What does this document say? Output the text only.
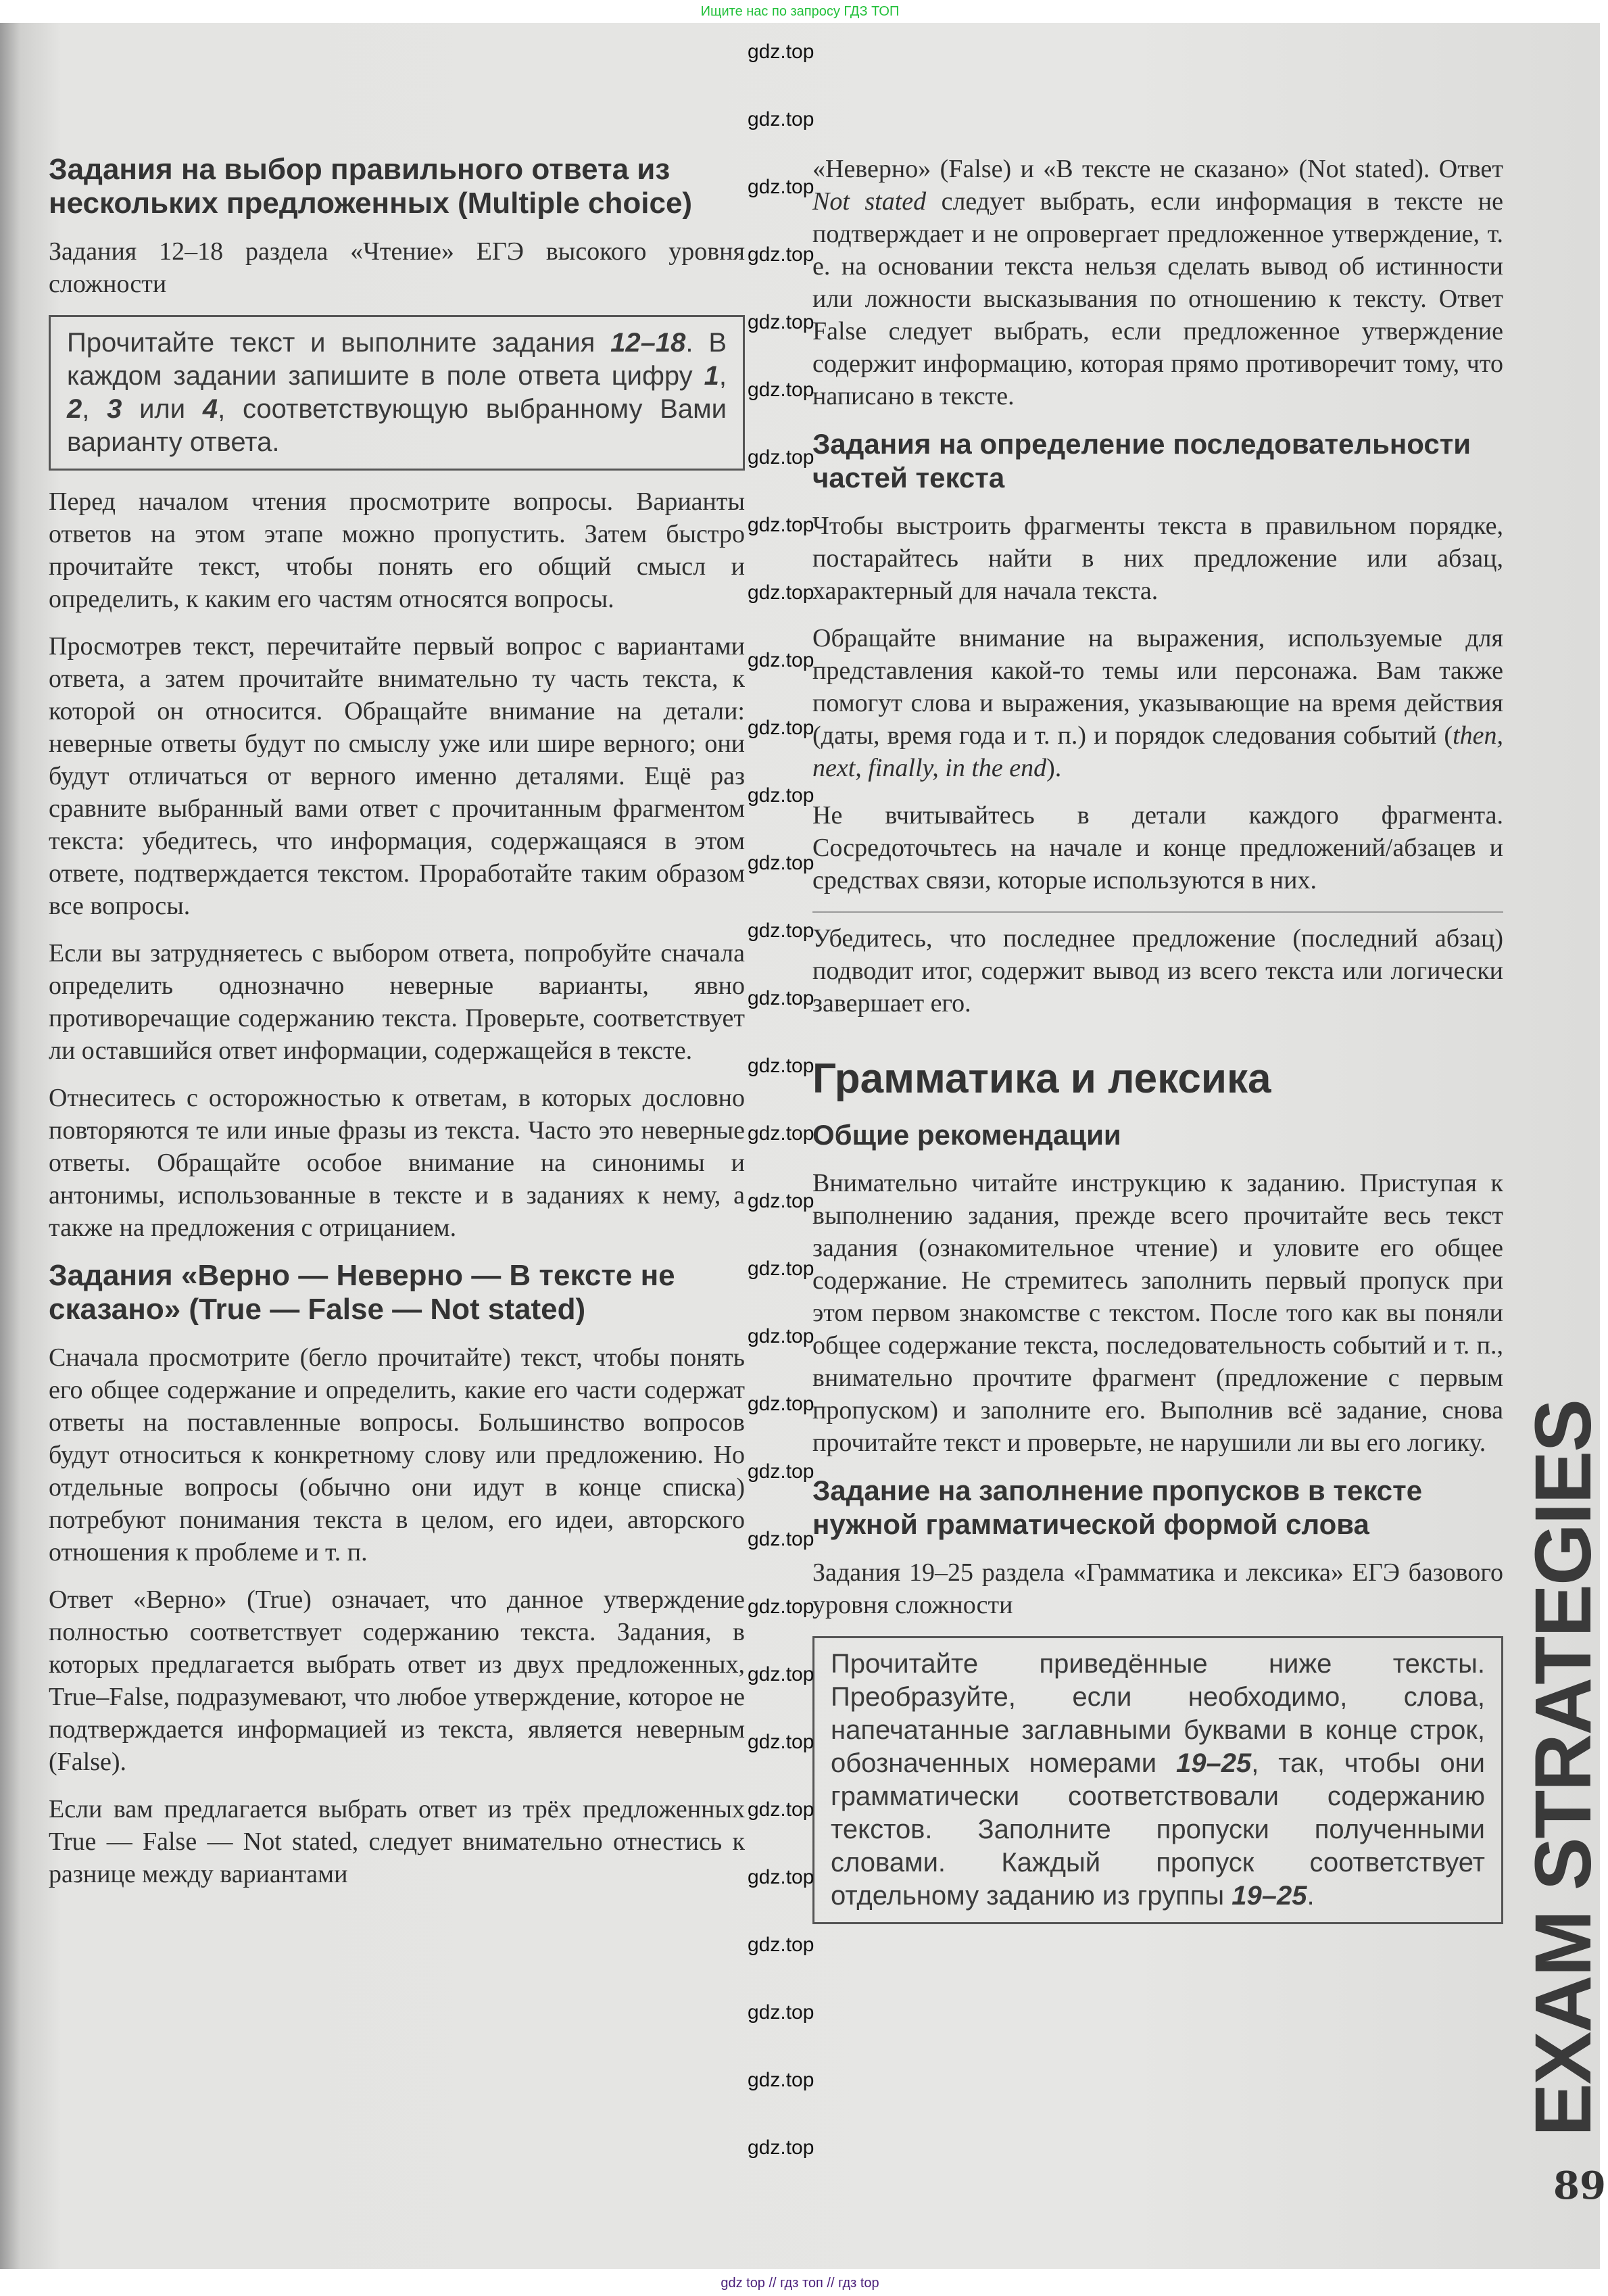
Ищите нас по запросу ГДЗ ТОП
Задания на выбор правильного ответа из нескольких предложенных (Multiple choice)
Задания 12–18 раздела «Чтение» ЕГЭ высокого уровня сложности
Прочитайте текст и выполните задания 12–18. В каждом задании запишите в поле ответа цифру 1, 2, 3 или 4, соответствующую выбранному Вами варианту ответа.
Перед началом чтения просмотрите вопросы. Варианты ответов на этом этапе можно пропустить. Затем быстро прочитайте текст, чтобы понять его общий смысл и определить, к каким его частям относятся вопросы.
Просмотрев текст, перечитайте первый вопрос с вариантами ответа, а затем прочитайте внимательно ту часть текста, к которой он относится. Обращайте внимание на детали: неверные ответы будут по смыслу уже или шире верного; они будут отличаться от верного именно деталями. Ещё раз сравните выбранный вами ответ с прочитанным фрагментом текста: убедитесь, что информация, содержащаяся в этом ответе, подтверждается текстом. Проработайте таким образом все вопросы.
Если вы затрудняетесь с выбором ответа, попробуйте сначала определить однозначно неверные варианты, явно противоречащие содержанию текста. Проверьте, соответствует ли оставшийся ответ информации, содержащейся в тексте.
Отнеситесь с осторожностью к ответам, в которых дословно повторяются те или иные фразы из текста. Часто это неверные ответы. Обращайте особое внимание на синонимы и антонимы, использованные в тексте и в заданиях к нему, а также на предложения с отрицанием.
Задания «Верно — Неверно — В тексте не сказано» (True — False — Not stated)
Сначала просмотрите (бегло прочитайте) текст, чтобы понять его общее содержание и определить, какие его части содержат ответы на поставленные вопросы. Большинство вопросов будут относиться к конкретному слову или предложению. Но отдельные вопросы (обычно они идут в конце списка) потребуют понимания текста в целом, его идеи, авторского отношения к проблеме и т. п.
Ответ «Верно» (True) означает, что данное утверждение полностью соответствует содержанию текста. Задания, в которых предлагается выбрать ответ из двух предложенных, True–False, подразумевают, что любое утверждение, которое не подтверждается информацией из текста, является неверным (False).
Если вам предлагается выбрать ответ из трёх предложенных True — False — Not stated, следует внимательно отнестись к разнице между вариантами
«Неверно» (False) и «В тексте не сказано» (Not stated). Ответ Not stated следует выбрать, если информация в тексте не подтверждает и не опровергает предложенное утверждение, т. е. на основании текста нельзя сделать вывод об истинности или ложности высказывания по отношению к тексту. Ответ False следует выбрать, если предложенное утверждение содержит информацию, которая прямо противоречит тому, что написано в тексте.
Задания на определение последовательности частей текста
Чтобы выстроить фрагменты текста в правильном порядке, постарайтесь найти в них предложение или абзац, характерный для начала текста.
Обращайте внимание на выражения, используемые для представления какой-то темы или персонажа. Вам также помогут слова и выражения, указывающие на время действия (даты, время года и т. п.) и порядок следования событий (then, next, finally, in the end).
Не вчитывайтесь в детали каждого фрагмента. Сосредоточьтесь на начале и конце предложений/абзацев и средствах связи, которые используются в них.
Убедитесь, что последнее предложение (последний абзац) подводит итог, содержит вывод из всего текста или логически завершает его.
Грамматика и лексика
Общие рекомендации
Внимательно читайте инструкцию к заданию. Приступая к выполнению задания, прежде всего прочитайте весь текст задания (ознакомительное чтение) и уловите его общее содержание. Не стремитесь заполнить первый пропуск при этом первом знакомстве с текстом. После того как вы поняли общее содержание текста, последовательность событий и т. п., внимательно прочтите фрагмент (предложение с первым пропуском) и заполните его. Выполнив всё задание, снова прочитайте текст и проверьте, не нарушили ли вы его логику.
Задание на заполнение пропусков в тексте нужной грамматической формой слова
Задания 19–25 раздела «Грамматика и лексика» ЕГЭ базового уровня сложности
Прочитайте приведённые ниже тексты. Преобразуйте, если необходимо, слова, напечатанные заглавными буквами в конце строк, обозначенных номерами 19–25, так, чтобы они грамматически соответствовали содержанию текстов. Заполните пропуски полученными словами. Каждый пропуск соответствует отдельному заданию из группы 19–25.	EXAM STRATEGIES
89
gdz.top
gdz.top
gdz.top
gdz.top
gdz.top
gdz.top
gdz.top
gdz.top
gdz.top
gdz.top
gdz.top
gdz.top
gdz.top
gdz.top
gdz.top
gdz.top
gdz.top
gdz.top
gdz.top
gdz.top
gdz.top
gdz.top
gdz.top
gdz.top
gdz.top
gdz.top
gdz.top
gdz.top
gdz.top
gdz.top
gdz.top
gdz.top
gdz top // гдз топ // гдз top
